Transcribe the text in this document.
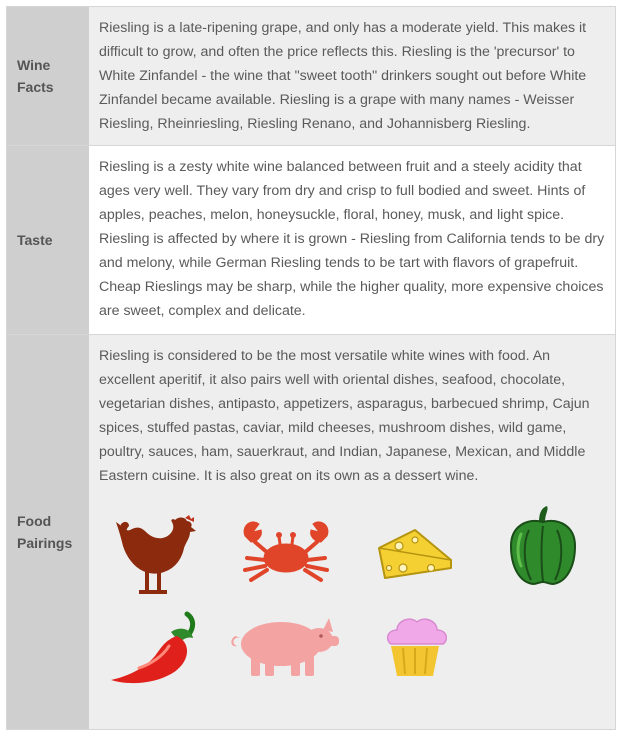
Wine
Facts
Riesling is a late-ripening grape, and only has a moderate yield. This makes it difficult to grow, and often the price reflects this. Riesling is the 'precursor' to White Zinfandel - the wine that "sweet tooth" drinkers sought out before White Zinfandel became available. Riesling is a grape with many names - Weisser Riesling, Rheinriesling, Riesling Renano, and Johannisberg Riesling.
Taste
Riesling is a zesty white wine balanced between fruit and a steely acidity that ages very well. They vary from dry and crisp to full bodied and sweet. Hints of apples, peaches, melon, honeysuckle, floral, honey, musk, and light spice. Riesling is affected by where it is grown - Riesling from California tends to be dry and melony, while German Riesling tends to be tart with flavors of grapefruit. Cheap Rieslings may be sharp, while the higher quality, more expensive choices are sweet, complex and delicate.
Food
Pairings
Riesling is considered to be the most versatile white wines with food. An excellent aperitif, it also pairs well with oriental dishes, seafood, chocolate, vegetarian dishes, antipasto, appetizers, asparagus, barbecued shrimp, Cajun spices, stuffed pastas, caviar, mild cheeses, mushroom dishes, wild game, poultry, sauces, ham, sauerkraut, and Indian, Japanese, Mexican, and Middle Eastern cuisine. It is also great on its own as a dessert wine.
